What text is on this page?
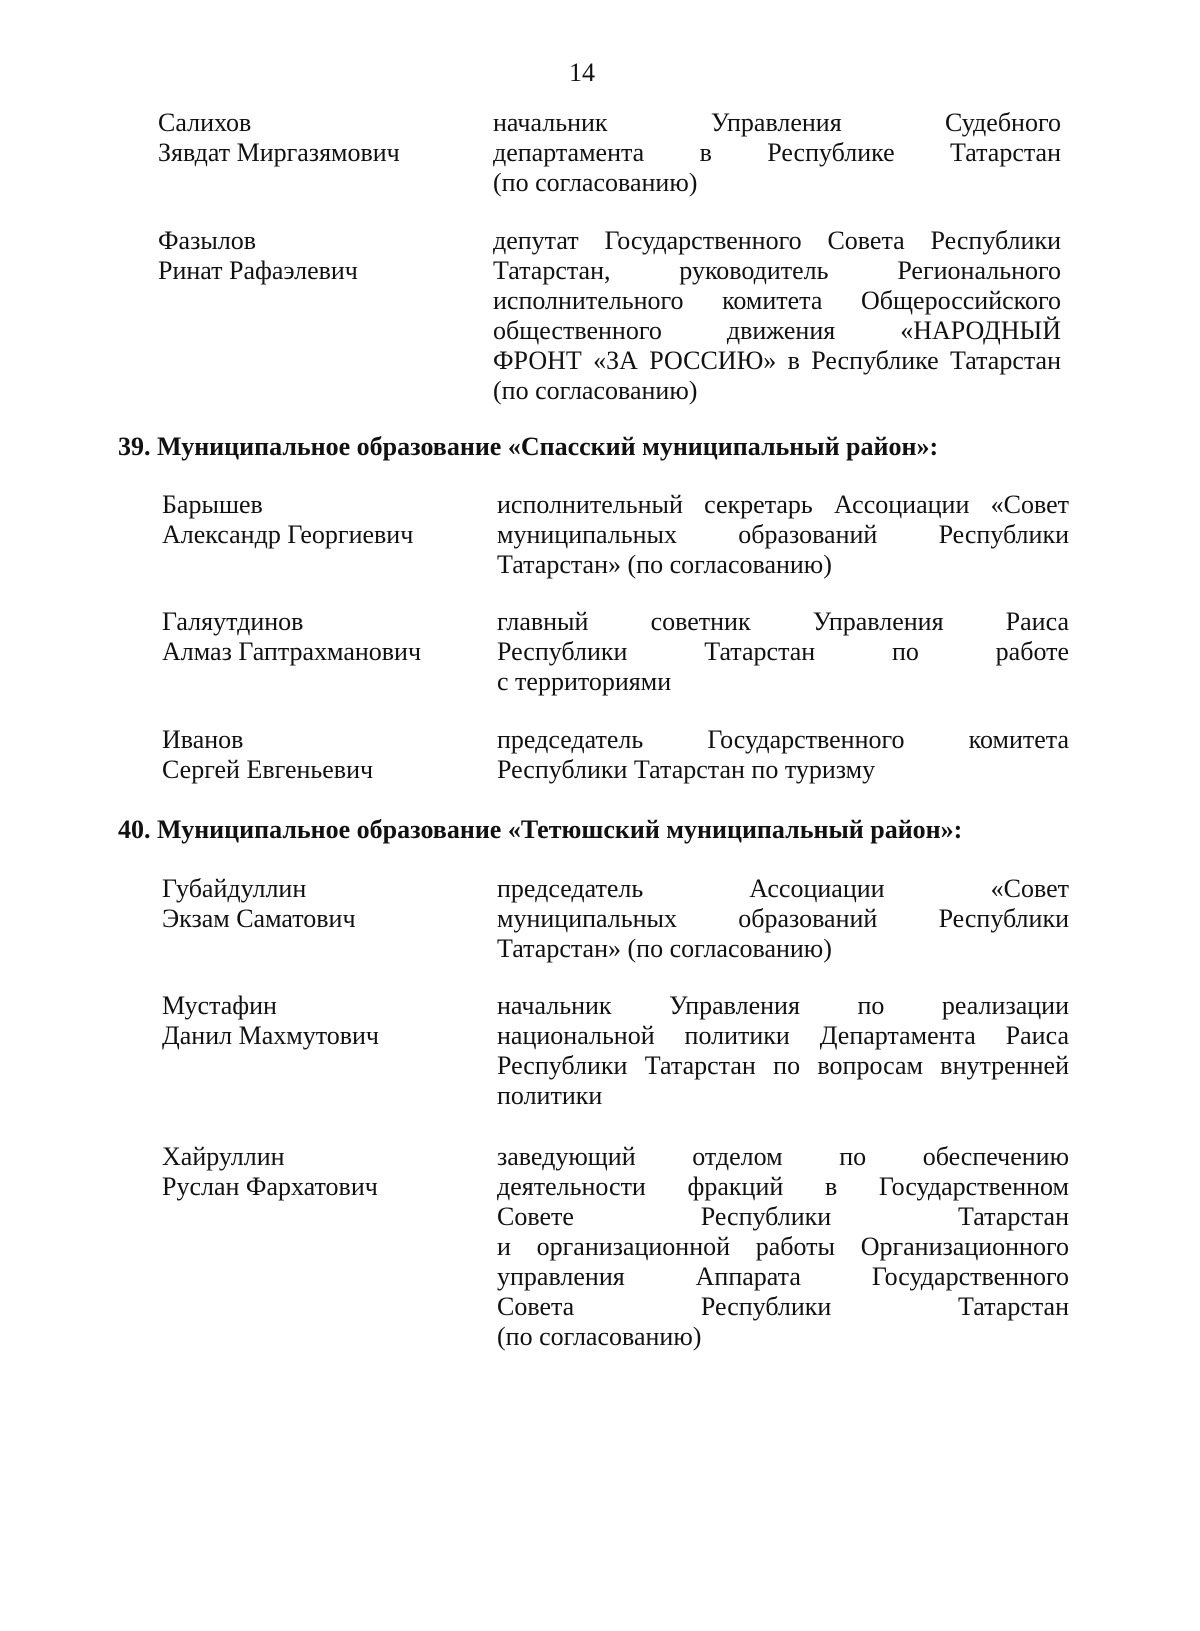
14
Салихов
Зявдат Миргазямович
начальник Управления Судебного
департамента в Республике Татарстан
(по согласованию)
Фазылов
Ринат Рафаэлевич
депутат Государственного Совета Республики
Татарстан, руководитель Регионального
исполнительного комитета Общероссийского
общественного движения «НАРОДНЫЙ
ФРОНТ «ЗА РОССИЮ» в Республике Татарстан
(по согласованию)
39. Муниципальное образование «Спасский муниципальный район»:
Барышев
Александр Георгиевич
исполнительный секретарь Ассоциации «Совет
муниципальных образований Республики
Татарстан» (по согласованию)
Галяутдинов
Алмаз Гаптрахманович
главный советник Управления Раиса
Республики Татарстан по работе
с территориями
Иванов
Сергей Евгеньевич
председатель Государственного комитета
Республики Татарстан по туризму
40. Муниципальное образование «Тетюшский муниципальный район»:
Губайдуллин
Экзам Саматович
председатель Ассоциации «Совет
муниципальных образований Республики
Татарстан» (по согласованию)
Мустафин
Данил Махмутович
начальник Управления по реализации
национальной политики Департамента Раиса
Республики Татарстан по вопросам внутренней
политики
Хайруллин
Руслан Фархатович
заведующий отделом по обеспечению
деятельности фракций в Государственном
Совете Республики Татарстан
и организационной работы Организационного
управления Аппарата Государственного
Совета Республики Татарстан
(по согласованию)
